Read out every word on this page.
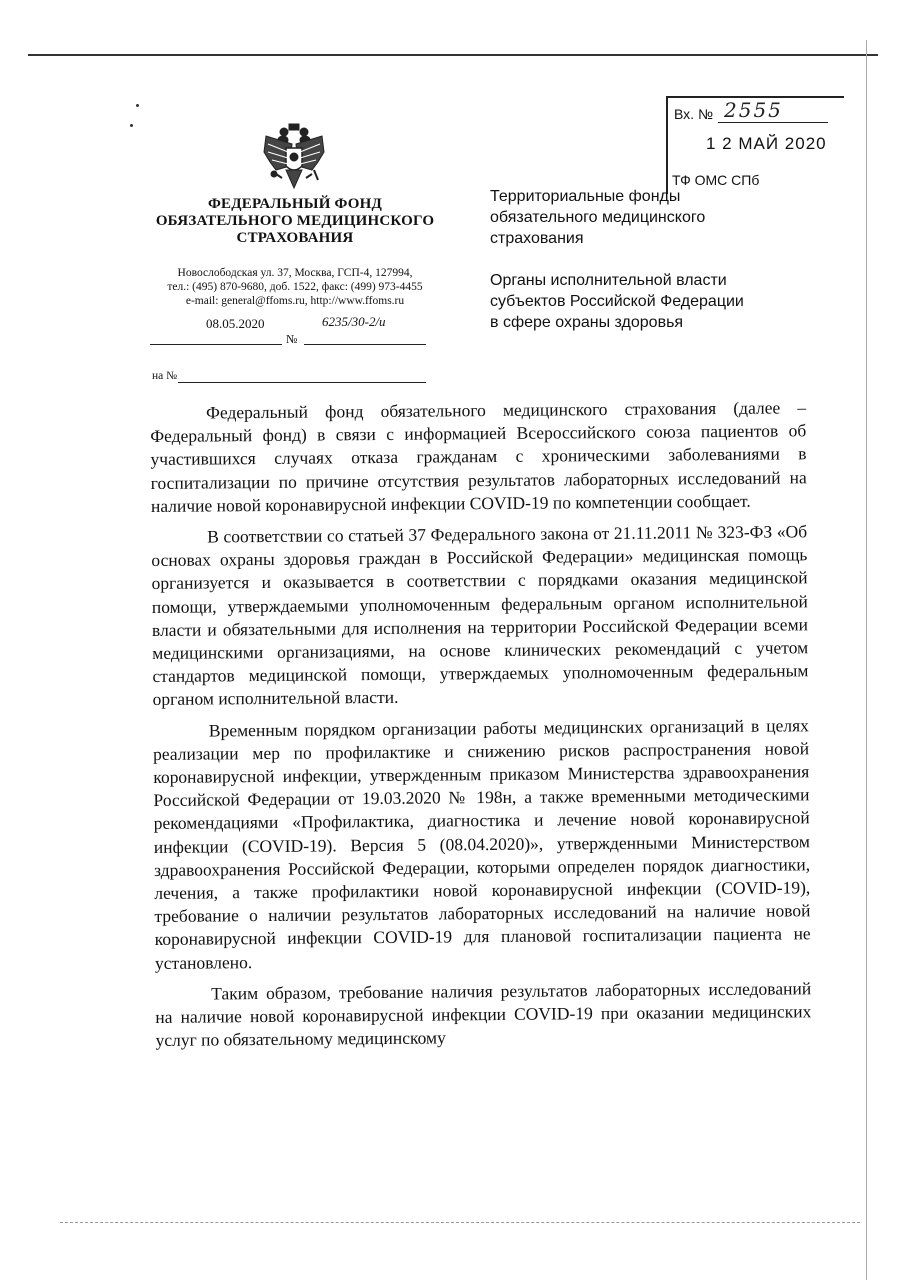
ФЕДЕРАЛЬНЫЙ ФОНД
ОБЯЗАТЕЛЬНОГО МЕДИЦИНСКОГО
СТРАХОВАНИЯ
Новослободская ул. 37, Москва, ГСП-4, 127994,
тел.: (495) 870-9680, доб. 1522, факс: (499) 973-4455
e-mail: general@ffoms.ru, http://www.ffoms.ru
08.05.2020	6235/30-2/и
№
на №
Вх. № 2555
1 2 МАЙ 2020
ТФ ОМС СПб
Территориальные фонды
обязательного медицинского
страхования
Органы исполнительной власти
субъектов Российской Федерации
в сфере охраны здоровья

Федеральный фонд обязательного медицинского страхования (далее – Федеральный фонд) в связи с информацией Всероссийского союза пациентов об участившихся случаях отказа гражданам с хроническими заболеваниями в госпитализации по причине отсутствия результатов лабораторных исследований на наличие новой коронавирусной инфекции COVID-19 по компетенции сообщает.

В соответствии со статьей 37 Федерального закона от 21.11.2011 № 323-ФЗ «Об основах охраны здоровья граждан в Российской Федерации» медицинская помощь организуется и оказывается в соответствии с порядками оказания медицинской помощи, утверждаемыми уполномоченным федеральным органом исполнительной власти и обязательными для исполнения на территории Российской Федерации всеми медицинскими организациями, на основе клинических рекомендаций с учетом стандартов медицинской помощи, утверждаемых уполномоченным федеральным органом исполнительной власти.

Временным порядком организации работы медицинских организаций в целях реализации мер по профилактике и снижению рисков распространения новой коронавирусной инфекции, утвержденным приказом Министерства здравоохранения Российской Федерации от 19.03.2020 № 198н, а также временными методическими рекомендациями «Профилактика, диагностика и лечение новой коронавирусной инфекции (COVID-19). Версия 5 (08.04.2020)», утвержденными Министерством здравоохранения Российской Федерации, которыми определен порядок диагностики, лечения, а также профилактики новой коронавирусной инфекции (COVID-19), требование о наличии результатов лабораторных исследований на наличие новой коронавирусной инфекции COVID-19 для плановой госпитализации пациента не установлено.

Таким образом, требование наличия результатов лабораторных исследований на наличие новой коронавирусной инфекции COVID-19 при оказании медицинских услуг по обязательному медицинскому
